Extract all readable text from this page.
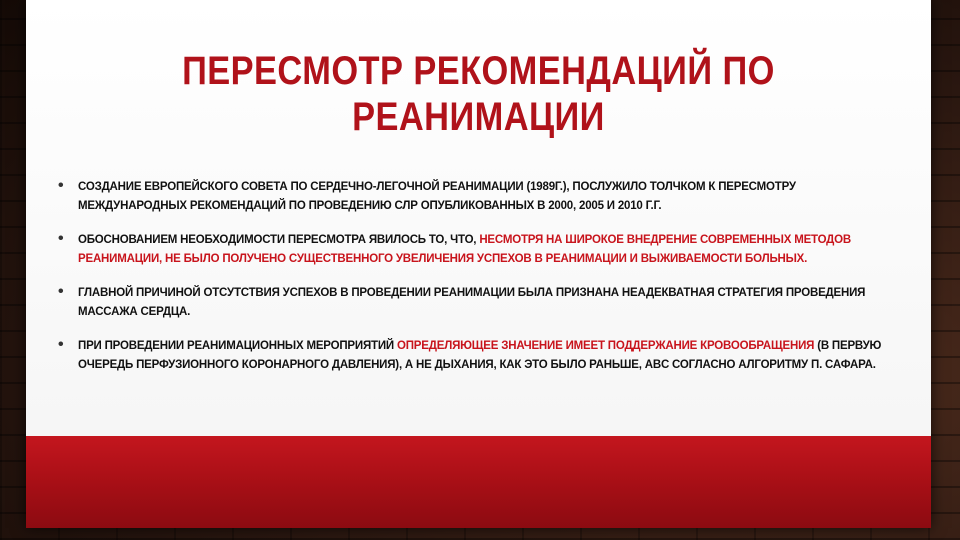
ПЕРЕСМОТР РЕКОМЕНДАЦИЙ ПО
РЕАНИМАЦИИ
• СОЗДАНИЕ ЕВРОПЕЙСКОГО СОВЕТА ПО СЕРДЕЧНО-ЛЕГОЧНОЙ РЕАНИМАЦИИ (1989Г.), ПОСЛУЖИЛО ТОЛЧКОМ К ПЕРЕСМОТРУ МЕЖДУНАРОДНЫХ РЕКОМЕНДАЦИЙ ПО ПРОВЕДЕНИЮ СЛР ОПУБЛИКОВАННЫХ В 2000, 2005 И 2010 Г.Г.
• ОБОСНОВАНИЕМ НЕОБХОДИМОСТИ ПЕРЕСМОТРА ЯВИЛОСЬ ТО, ЧТО, НЕСМОТРЯ НА ШИРОКОЕ ВНЕДРЕНИЕ СОВРЕМЕННЫХ МЕТОДОВ РЕАНИМАЦИИ, НЕ БЫЛО ПОЛУЧЕНО СУЩЕСТВЕННОГО УВЕЛИЧЕНИЯ УСПЕХОВ В РЕАНИМАЦИИ И ВЫЖИВАЕМОСТИ БОЛЬНЫХ.
• ГЛАВНОЙ ПРИЧИНОЙ ОТСУТСТВИЯ УСПЕХОВ В ПРОВЕДЕНИИ РЕАНИМАЦИИ БЫЛА ПРИЗНАНА НЕАДЕКВАТНАЯ СТРАТЕГИЯ ПРОВЕДЕНИЯ МАССАЖА СЕРДЦА.
• ПРИ ПРОВЕДЕНИИ РЕАНИМАЦИОННЫХ МЕРОПРИЯТИЙ ОПРЕДЕЛЯЮЩЕЕ ЗНАЧЕНИЕ ИМЕЕТ ПОДДЕРЖАНИЕ КРОВООБРАЩЕНИЯ (В ПЕРВУЮ ОЧЕРЕДЬ ПЕРФУЗИОННОГО КОРОНАРНОГО ДАВЛЕНИЯ), А НЕ ДЫХАНИЯ, КАК ЭТО БЫЛО РАНЬШЕ, ABC СОГЛАСНО АЛГОРИТМУ П. САФАРА.
